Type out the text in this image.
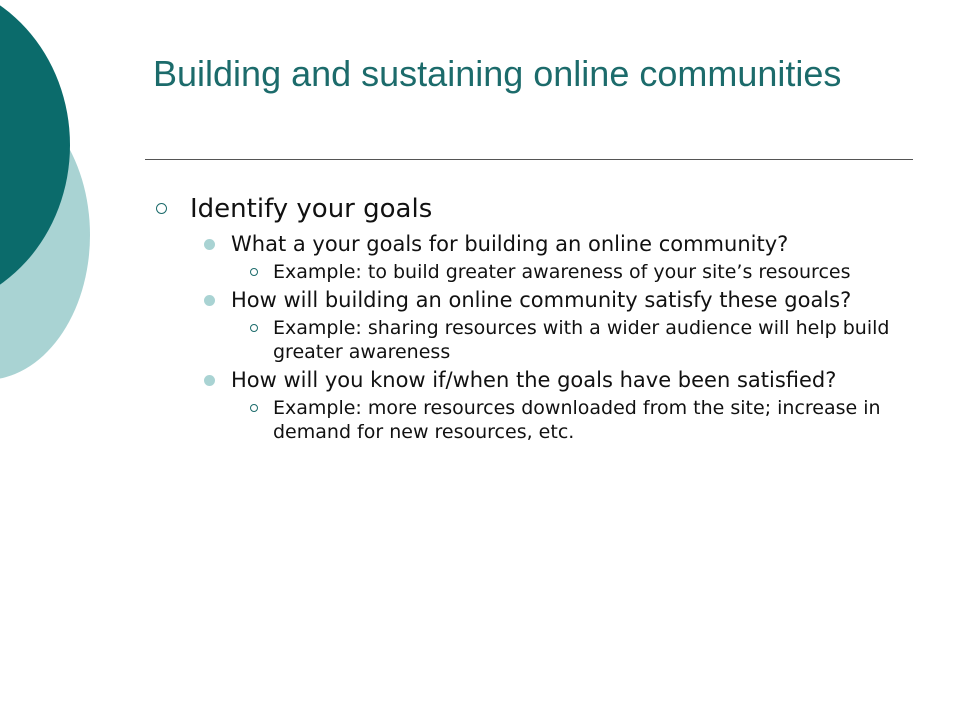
Building and sustaining online communities
Identify your goals
What a your goals for building an online community?
Example: to build greater awareness of your site’s resources
How will building an online community satisfy these goals?
Example: sharing resources with a wider audience will help build greater awareness
How will you know if/when the goals have been satisfied?
Example: more resources downloaded from the site; increase in demand for new resources, etc.
